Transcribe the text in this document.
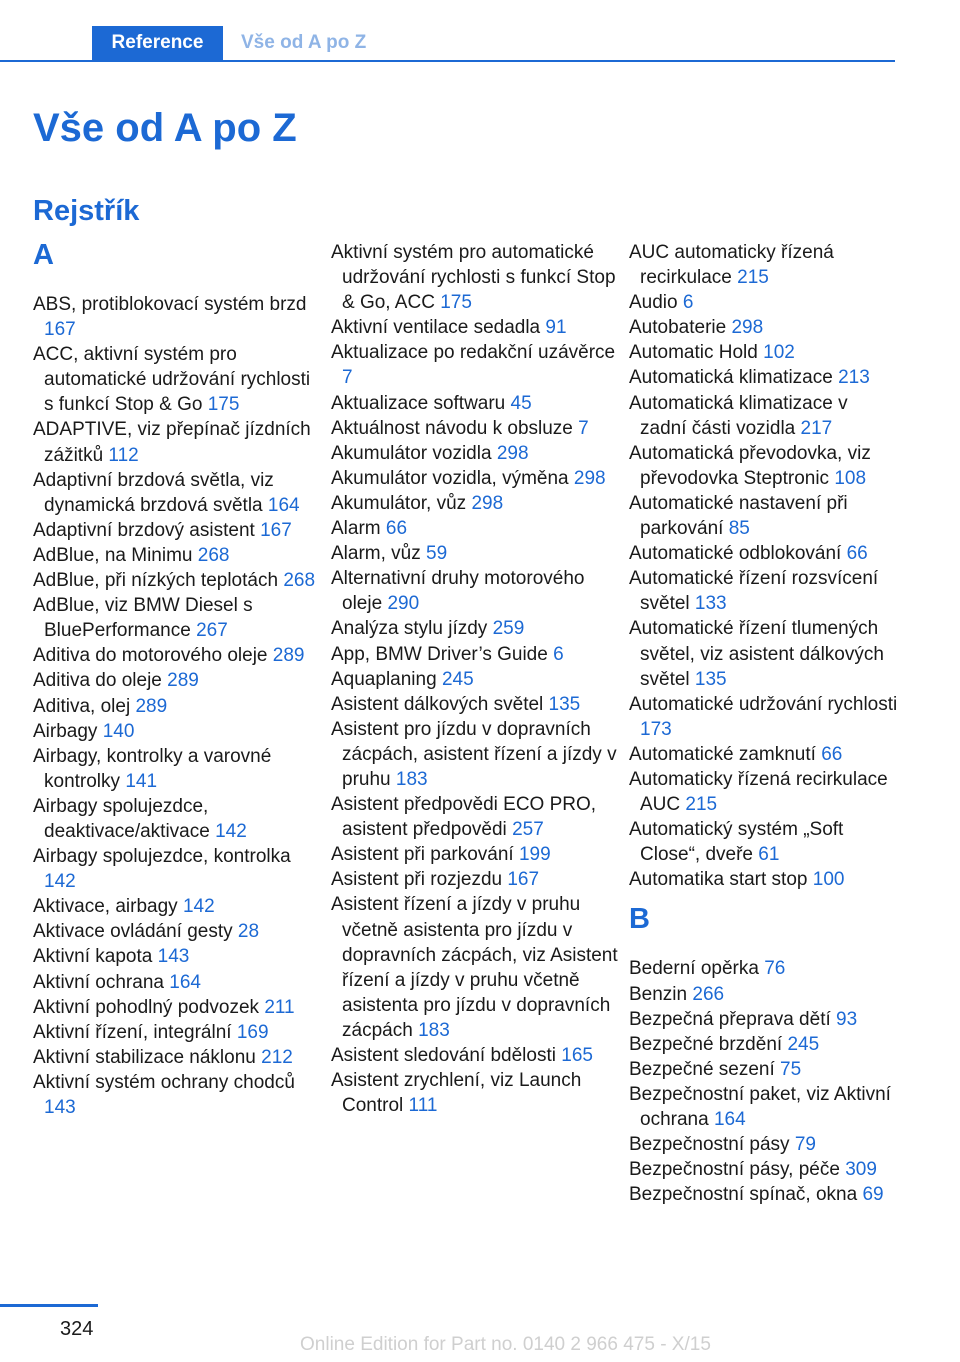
Reference	Vše od A po Z
Vše od A po Z
Rejstřík
A
ABS, protiblokovací systém brzd 167
ACC, aktivní systém pro automatické udržování rychlosti s funkcí Stop & Go 175
ADAPTIVE, viz přepínač jízdních zážitků 112
Adaptivní brzdová světla, viz dynamická brzdová světla 164
Adaptivní brzdový asistent 167
AdBlue, na Minimu 268
AdBlue, při nízkých teplotách 268
AdBlue, viz BMW Diesel s BluePerformance 267
Aditiva do motorového oleje 289
Aditiva do oleje 289
Aditiva, olej 289
Airbagy 140
Airbagy, kontrolky a varovné kontrolky 141
Airbagy spolujezdce, deaktivace/aktivace 142
Airbagy spolujezdce, kontrolka 142
Aktivace, airbagy 142
Aktivace ovládání gesty 28
Aktivní kapota 143
Aktivní ochrana 164
Aktivní pohodlný podvozek 211
Aktivní řízení, integrální 169
Aktivní stabilizace náklonu 212
Aktivní systém ochrany chodců 143
Aktivní systém pro automatické udržování rychlosti s funkcí Stop & Go, ACC 175
Aktivní ventilace sedadla 91
Aktualizace po redakční uzávěrce 7
Aktualizace softwaru 45
Aktuálnost návodu k obsluze 7
Akumulátor vozidla 298
Akumulátor vozidla, výměna 298
Akumulátor, vůz 298
Alarm 66
Alarm, vůz 59
Alternativní druhy motorového oleje 290
Analýza stylu jízdy 259
App, BMW Driver’s Guide 6
Aquaplaning 245
Asistent dálkových světel 135
Asistent pro jízdu v dopravních zácpách, asistent řízení a jízdy v pruhu 183
Asistent předpovědi ECO PRO, asistent předpovědi 257
Asistent při parkování 199
Asistent při rozjezdu 167
Asistent řízení a jízdy v pruhu včetně asistenta pro jízdu v dopravních zácpách, viz Asistent řízení a jízdy v pruhu včetně asistenta pro jízdu v dopravních zácpách 183
Asistent sledování bdělosti 165
Asistent zrychlení, viz Launch Control 111
AUC automaticky řízená recirkulace 215
Audio 6
Autobaterie 298
Automatic Hold 102
Automatická klimatizace 213
Automatická klimatizace v zadní části vozidla 217
Automatická převodovka, viz převodovka Steptronic 108
Automatické nastavení při parkování 85
Automatické odblokování 66
Automatické řízení rozsvícení světel 133
Automatické řízení tlumených světel, viz asistent dálkových světel 135
Automatické udržování rychlosti 173
Automatické zamknutí 66
Automaticky řízená recirkulace AUC 215
Automatický systém „Soft Close“, dveře 61
Automatika start stop 100
B
Bederní opěrka 76
Benzin 266
Bezpečná přeprava dětí 93
Bezpečné brzdění 245
Bezpečné sezení 75
Bezpečnostní paket, viz Aktivní ochrana 164
Bezpečnostní pásy 79
Bezpečnostní pásy, péče 309
Bezpečnostní spínač, okna 69
324
Online Edition for Part no. 0140 2 966 475 - X/15
